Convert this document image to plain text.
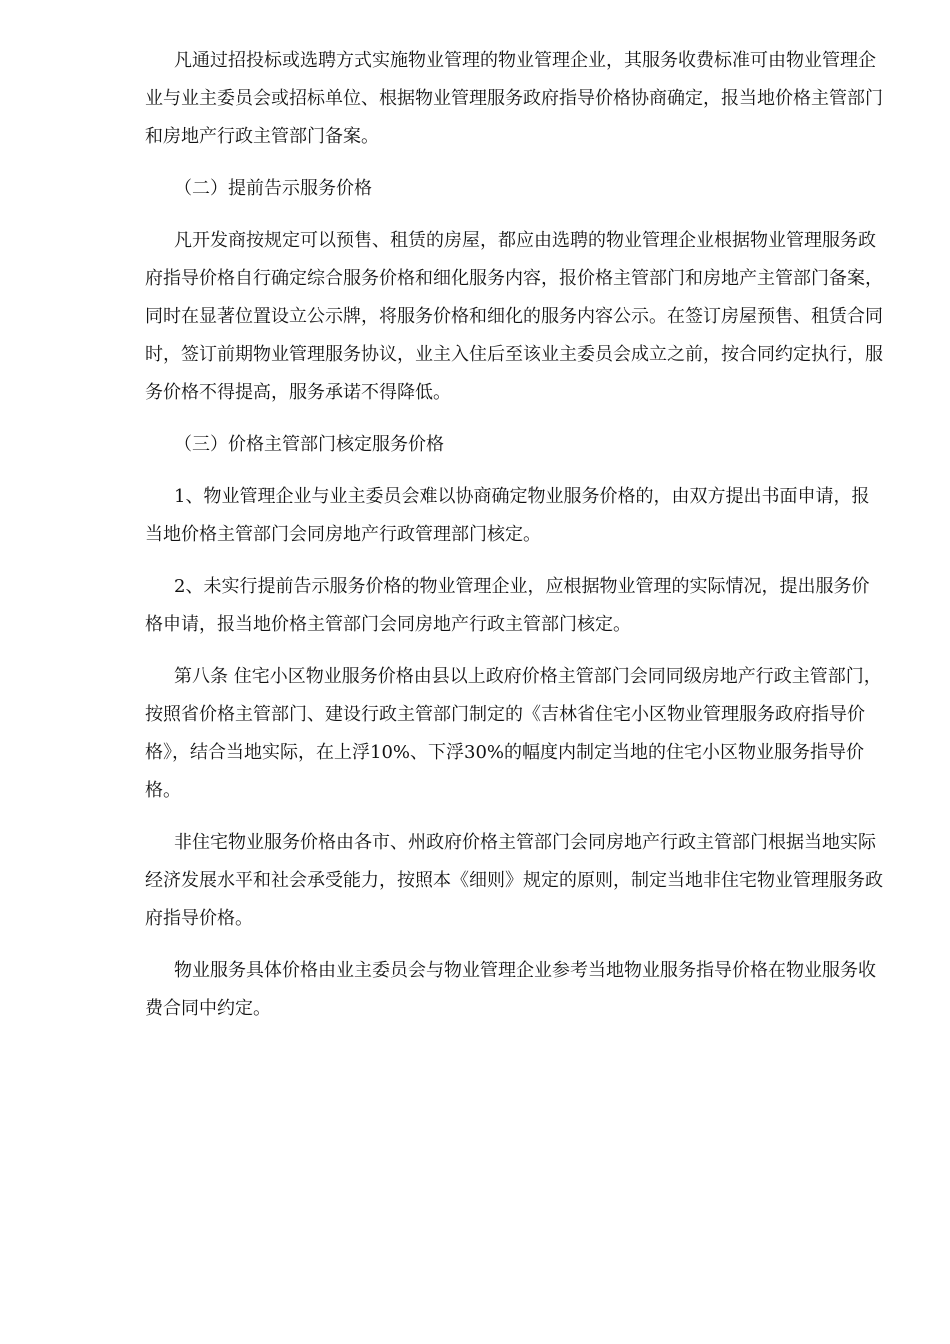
凡通过招投标或选聘方式实施物业管理的物业管理企业，其服务收费标准可由物业管理企业与业主委员会或招标单位、根据物业管理服务政府指导价格协商确定，报当地价格主管部门和房地产行政主管部门备案。

（二）提前告示服务价格

凡开发商按规定可以预售、租赁的房屋，都应由选聘的物业管理企业根据物业管理服务政府指导价格自行确定综合服务价格和细化服务内容，报价格主管部门和房地产主管部门备案，同时在显著位置设立公示牌，将服务价格和细化的服务内容公示。在签订房屋预售、租赁合同时，签订前期物业管理服务协议，业主入住后至该业主委员会成立之前，按合同约定执行，服务价格不得提高，服务承诺不得降低。

（三）价格主管部门核定服务价格

1、物业管理企业与业主委员会难以协商确定物业服务价格的，由双方提出书面申请，报当地价格主管部门会同房地产行政管理部门核定。

2、未实行提前告示服务价格的物业管理企业，应根据物业管理的实际情况，提出服务价格申请，报当地价格主管部门会同房地产行政主管部门核定。

第八条 住宅小区物业服务价格由县以上政府价格主管部门会同同级房地产行政主管部门，按照省价格主管部门、建设行政主管部门制定的《吉林省住宅小区物业管理服务政府指导价格》，结合当地实际，在上浮10%、下浮30%的幅度内制定当地的住宅小区物业服务指导价格。

非住宅物业服务价格由各市、州政府价格主管部门会同房地产行政主管部门根据当地实际经济发展水平和社会承受能力，按照本《细则》规定的原则，制定当地非住宅物业管理服务政府指导价格。

物业服务具体价格由业主委员会与物业管理企业参考当地物业服务指导价格在物业服务收费合同中约定。
